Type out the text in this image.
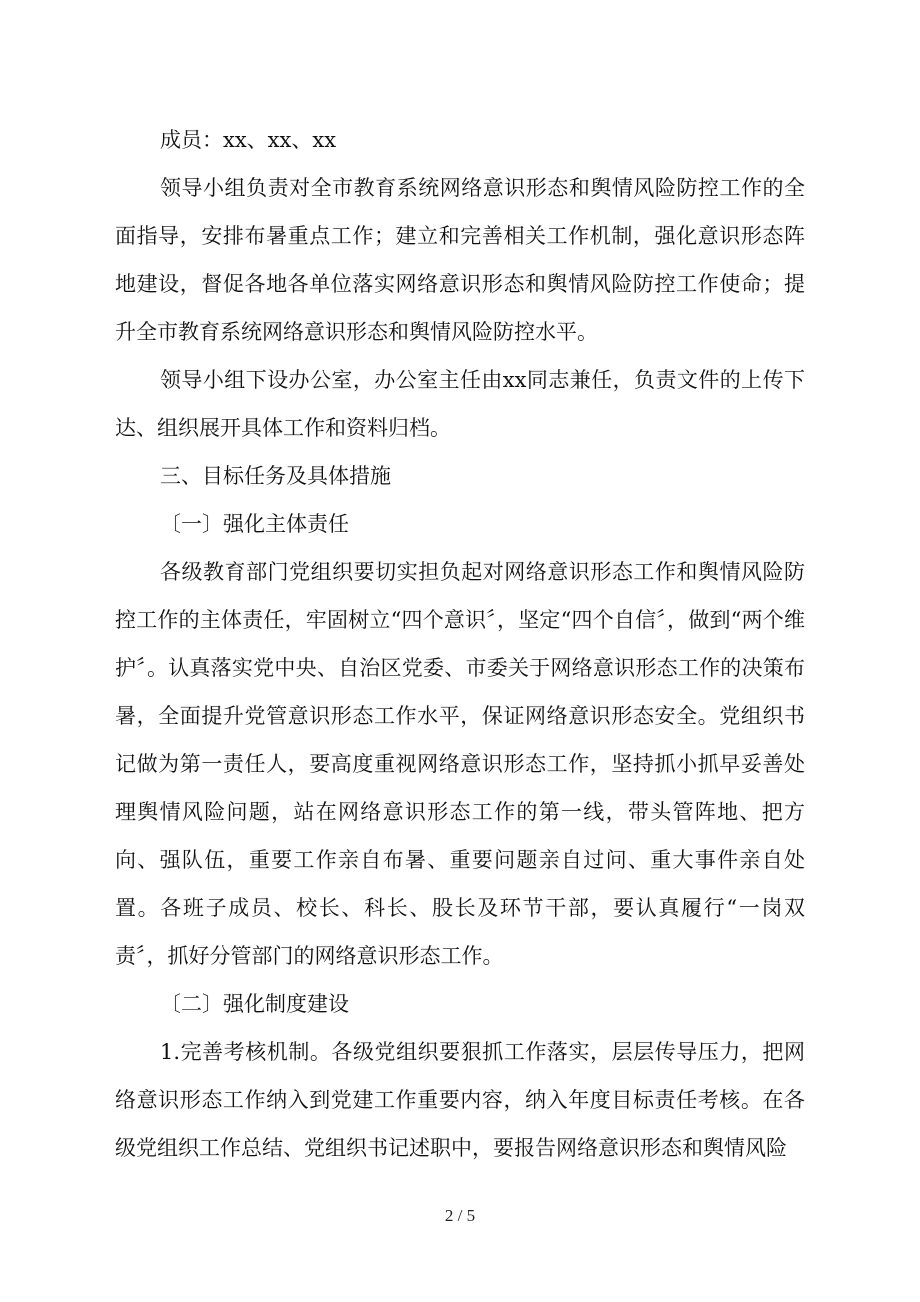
成员：xx、xx、xx

领导小组负责对全市教育系统网络意识形态和舆情风险防控工作的全面指导，安排布暑重点工作；建立和完善相关工作机制，强化意识形态阵地建设，督促各地各单位落实网络意识形态和舆情风险防控工作使命；提升全市教育系统网络意识形态和舆情风险防控水平。

领导小组下设办公室，办公室主任由xx同志兼任，负责文件的上传下达、组织展开具体工作和资料归档。

三、目标任务及具体措施

〔一〕强化主体责任

各级教育部门党组织要切实担负起对网络意识形态工作和舆情风险防控工作的主体责任，牢固树立“四个意识〞，坚定“四个自信〞，做到“两个维护〞。认真落实党中央、自治区党委、市委关于网络意识形态工作的决策布暑，全面提升党管意识形态工作水平，保证网络意识形态安全。党组织书记做为第一责任人，要高度重视网络意识形态工作，坚持抓小抓早妥善处理舆情风险问题，站在网络意识形态工作的第一线，带头管阵地、把方向、强队伍，重要工作亲自布暑、重要问题亲自过问、重大事件亲自处置。各班子成员、校长、科长、股长及环节干部，要认真履行“一岗双责〞，抓好分管部门的网络意识形态工作。

〔二〕强化制度建设

1.完善考核机制。各级党组织要狠抓工作落实，层层传导压力，把网络意识形态工作纳入到党建工作重要内容，纳入年度目标责任考核。在各级党组织工作总结、党组织书记述职中，要报告网络意识形态和舆情风险

2 / 5
